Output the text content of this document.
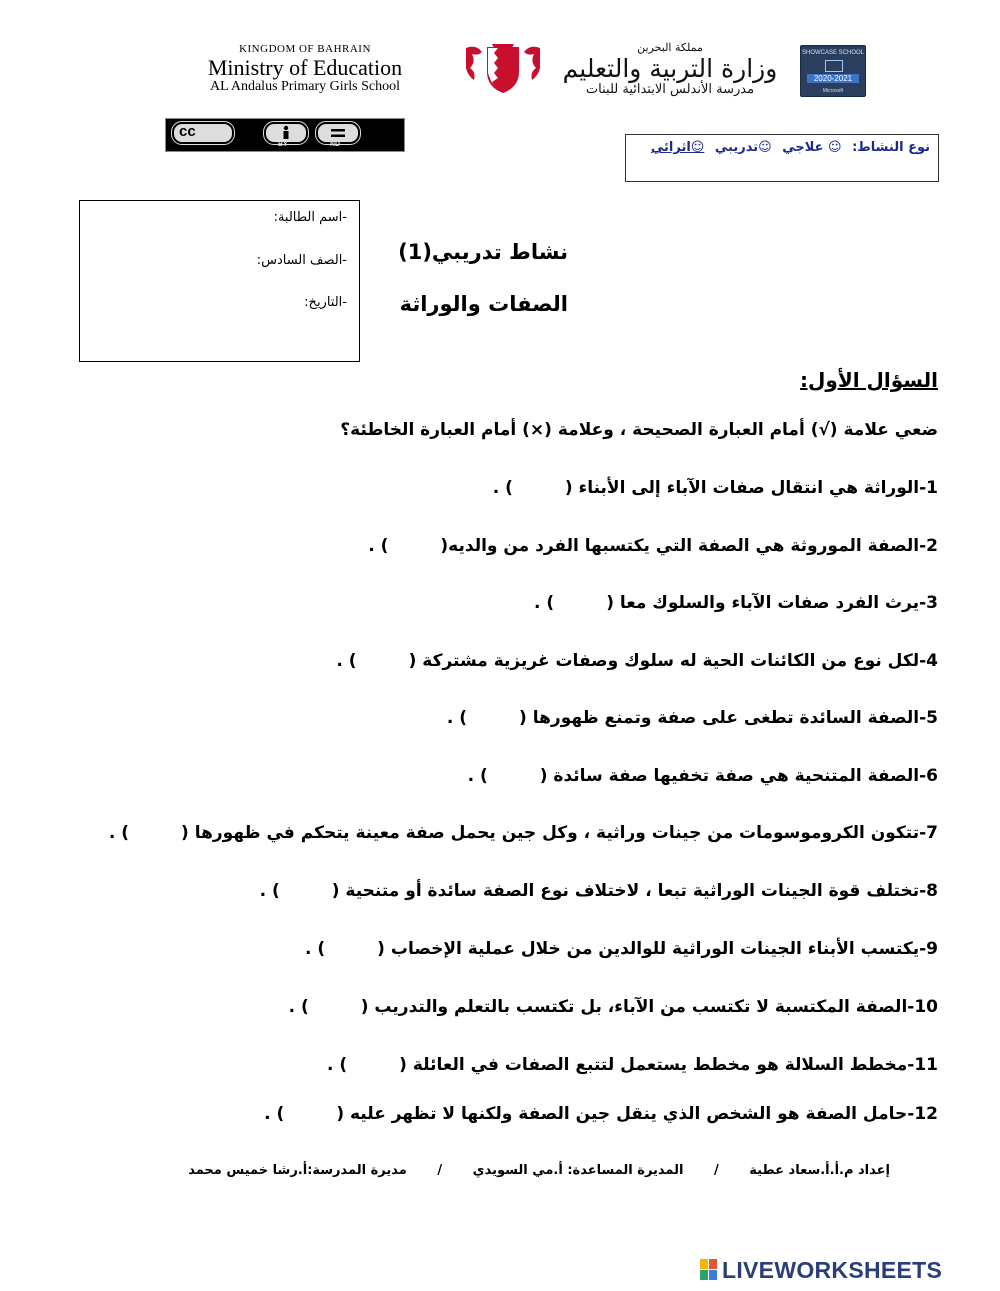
KINGDOM OF BAHRAIN
Ministry of Education
AL Andalus Primary Girls School
مملكة البحرين
وزارة التربية والتعليم
مدرسة الأندلس الابتدائية للبنات
SHOWCASE SCHOOL
2020-2021
Microsoft
cc
BY	ND	نوع النشاط: ☺ علاجي ☺تدريبي ☺اثرائي
-اسم الطالبة:
-الصف السادس:
-التاريخ:
نشاط تدريبي(1)
الصفات والوراثة
السؤال الأول:
ضعي علامة (√) أمام العبارة الصحيحة ، وعلامة (×) أمام العبارة الخاطئة؟
1-الوراثة هي انتقال صفات الآباء إلى الأبناء () .
2-الصفة الموروثة هي الصفة التي يكتسبها الفرد من والديه() .
3-يرث الفرد صفات الآباء والسلوك معا () .
4-لكل نوع من الكائنات الحية له سلوك وصفات غريزية مشتركة () .
5-الصفة السائدة تطغى على صفة وتمنع ظهورها () .
6-الصفة المتنحية هي صفة تخفيها صفة سائدة () .
7-تتكون الكروموسومات من جينات وراثية ، وكل جين يحمل صفة معينة يتحكم في ظهورها () .
8-تختلف قوة الجينات الوراثية تبعا ، لاختلاف نوع الصفة سائدة أو متنحية () .
9-يكتسب الأبناء الجينات الوراثية للوالدين من خلال عملية الإخصاب () .
10-الصفة المكتسبة لا تكتسب من الآباء، بل تكتسب بالتعلم والتدريب () .
11-مخطط السلالة هو مخطط يستعمل لتتبع الصفات في العائلة () .
12-حامل الصفة هو الشخص الذي ينقل جين الصفة ولكنها لا تظهر عليه () .
إعداد م.أ.أ.سعاد عطية / المديرة المساعدة: أ.مي السويدي / مديرة المدرسة:أ.رشا خميس محمد
LIVEWORKSHEETS
